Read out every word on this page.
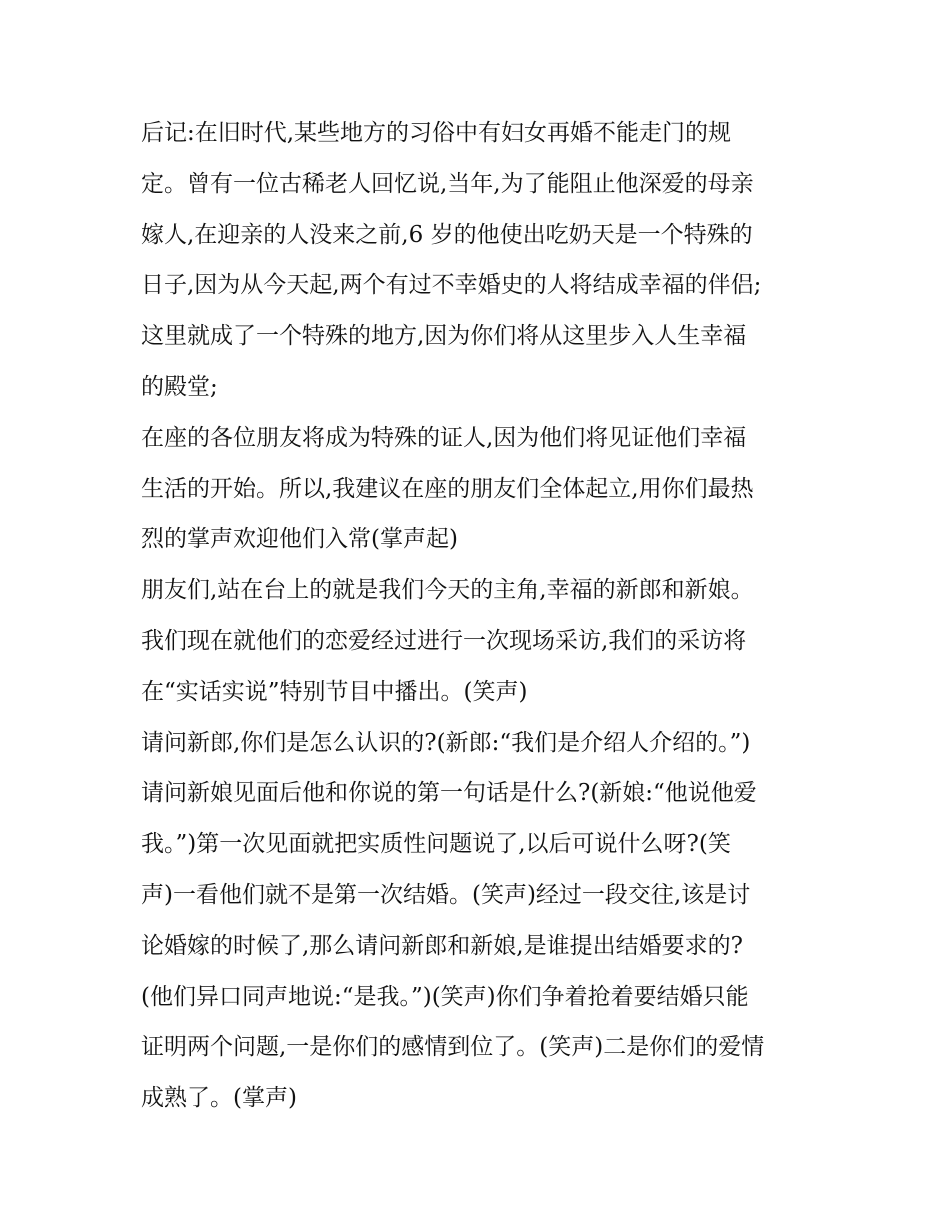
后记:在旧时代,某些地方的习俗中有妇女再婚不能走门的规
定。曾有一位古稀老人回忆说,当年,为了能阻止他深爱的母亲
嫁人,在迎亲的人没来之前,6 岁的他使出吃奶天是一个特殊的
日子,因为从今天起,两个有过不幸婚史的人将结成幸福的伴侣;
这里就成了一个特殊的地方,因为你们将从这里步入人生幸福
的殿堂;
在座的各位朋友将成为特殊的证人,因为他们将见证他们幸福
生活的开始。所以,我建议在座的朋友们全体起立,用你们最热
烈的掌声欢迎他们入常(掌声起)
朋友们,站在台上的就是我们今天的主角,幸福的新郎和新娘。
我们现在就他们的恋爱经过进行一次现场采访,我们的采访将
在“实话实说”特别节目中播出。(笑声)
请问新郎,你们是怎么认识的?(新郎:“我们是介绍人介绍的。”)
请问新娘见面后他和你说的第一句话是什么?(新娘:“他说他爱
我。”)第一次见面就把实质性问题说了,以后可说什么呀?(笑
声)一看他们就不是第一次结婚。(笑声)经过一段交往,该是讨
论婚嫁的时候了,那么请问新郎和新娘,是谁提出结婚要求的?
(他们异口同声地说:“是我。”)(笑声)你们争着抢着要结婚只能
证明两个问题,一是你们的感情到位了。(笑声)二是你们的爱情
成熟了。(掌声)
